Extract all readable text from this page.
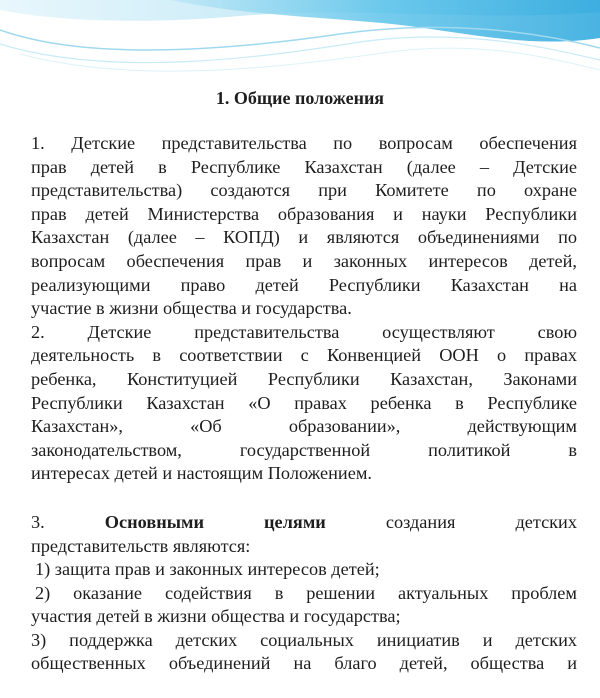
1. Общие положения
1. Детские представительства по вопросам обеспечения
прав детей в Республике Казахстан (далее – Детские
представительства) создаются при Комитете по охране
прав детей Министерства образования и науки Республики
Казахстан (далее – КОПД) и являются объединениями по
вопросам обеспечения прав и законных интересов детей,
реализующими право детей Республики Казахстан на
участие в жизни общества и государства.
2. Детские представительства осуществляют свою
деятельность в соответствии с Конвенцией ООН о правах
ребенка, Конституцией Республики Казахстан, Законами
Республики Казахстан «О правах ребенка в Республике
Казахстан», «Об образовании», действующим
законодательством, государственной политикой в
интересах детей и настоящим Положением.
3.	Основными целями	создания детских
представительств являются:
1) защита прав и законных интересов детей;
2) оказание содействия в решении актуальных проблем
участия детей в жизни общества и государства;
3) поддержка детских социальных инициатив и детских
общественных объединений на благо детей, общества и
